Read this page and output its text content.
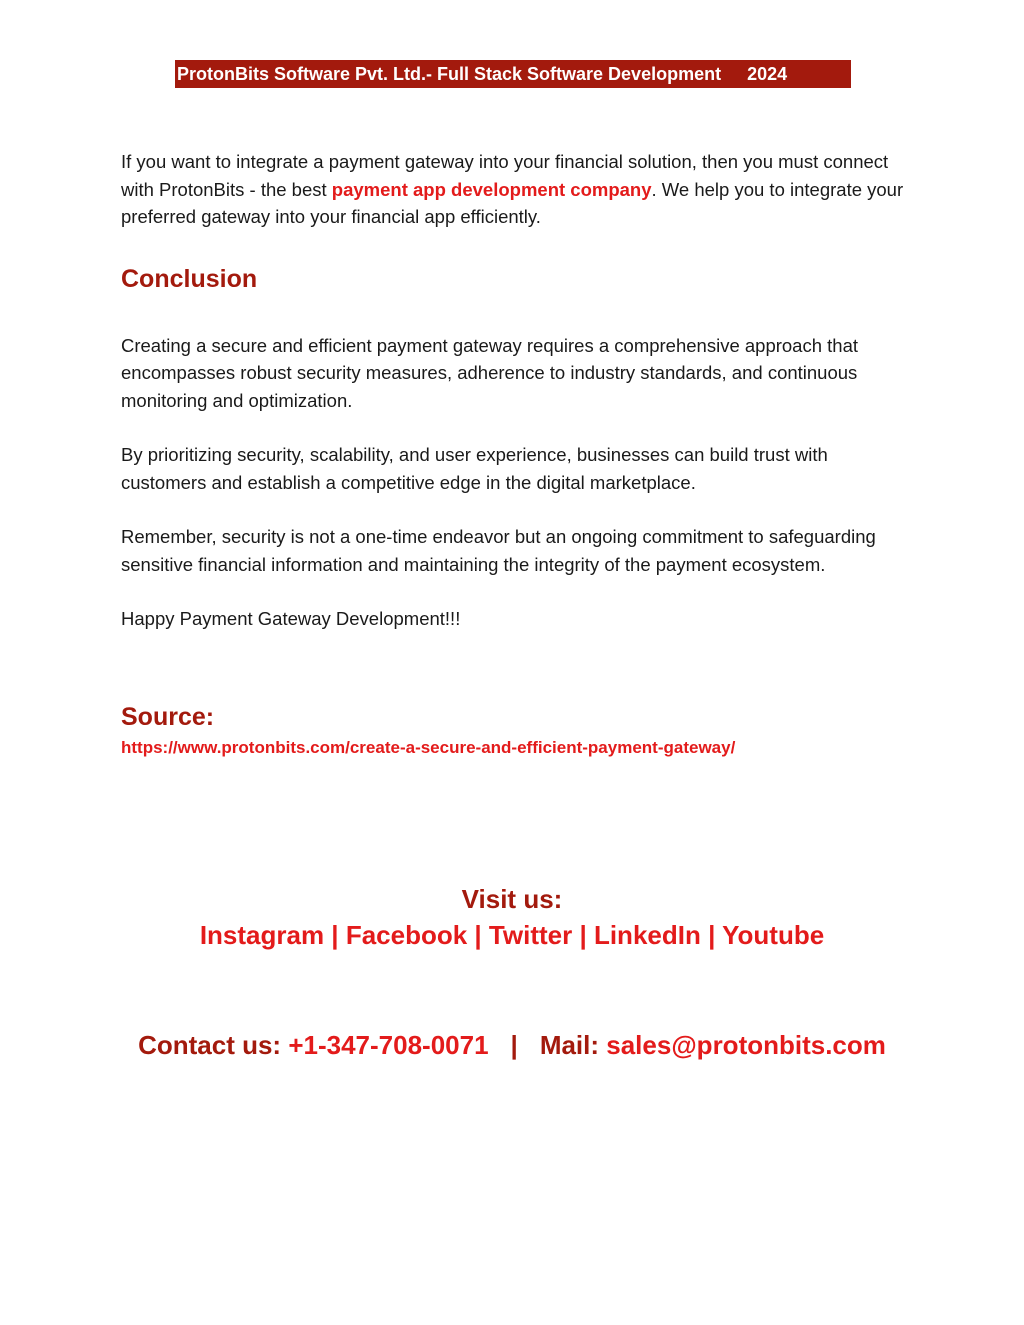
ProtonBits Software Pvt. Ltd.- Full Stack Software Development 2024

If you want to integrate a payment gateway into your financial solution, then you must connect with ProtonBits - the best payment app development company. We help you to integrate your preferred gateway into your financial app efficiently.

Conclusion

Creating a secure and efficient payment gateway requires a comprehensive approach that encompasses robust security measures, adherence to industry standards, and continuous monitoring and optimization.

By prioritizing security, scalability, and user experience, businesses can build trust with customers and establish a competitive edge in the digital marketplace.

Remember, security is not a one-time endeavor but an ongoing commitment to safeguarding sensitive financial information and maintaining the integrity of the payment ecosystem.

Happy Payment Gateway Development!!!

Source:
https://www.protonbits.com/create-a-secure-and-efficient-payment-gateway/
Visit us:
Instagram | Facebook | Twitter | LinkedIn | Youtube
Contact us: +1-347-708-0071 | Mail: sales@protonbits.com
